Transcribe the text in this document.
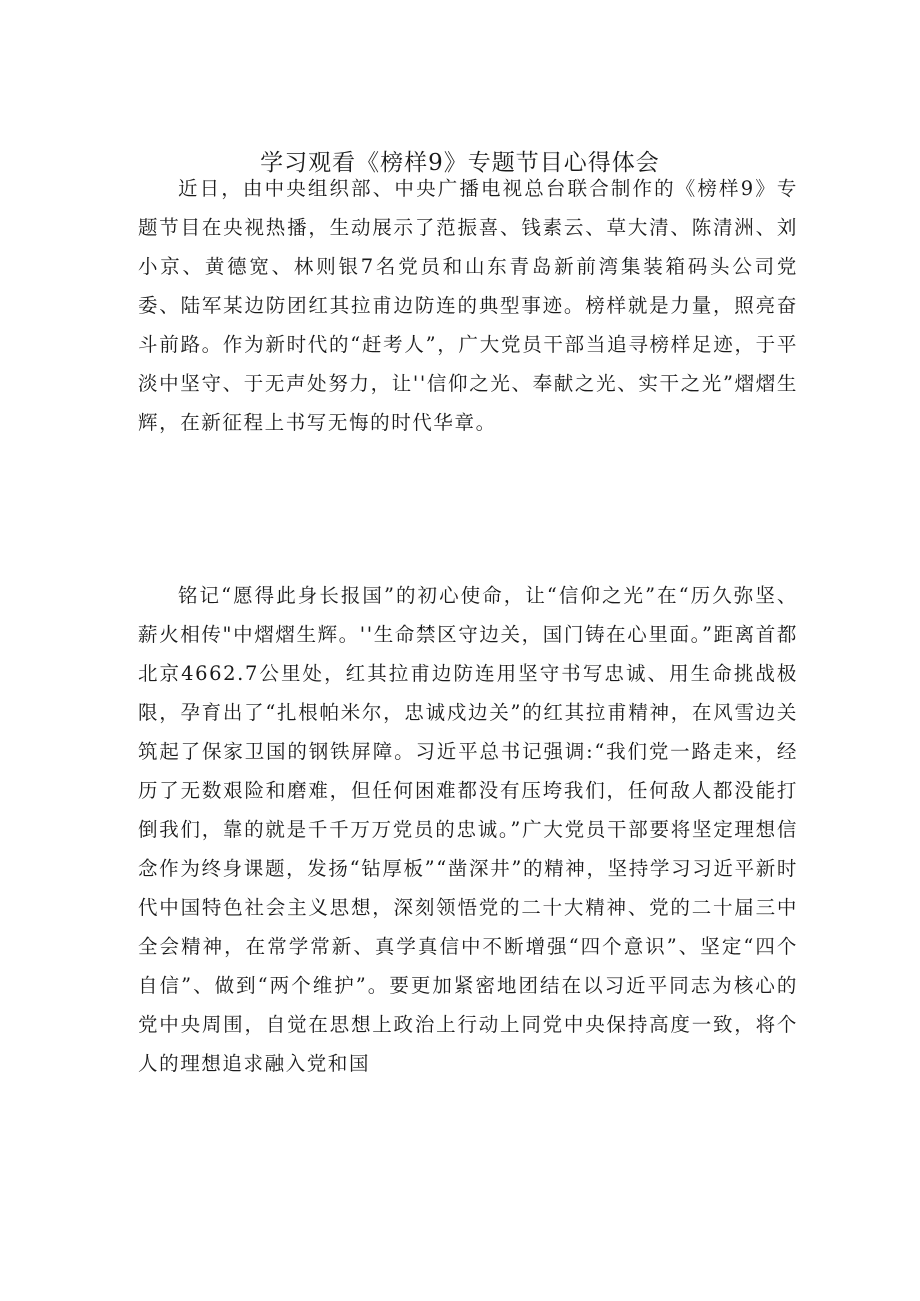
学习观看《榜样9》专题节目心得体会

近日，由中央组织部、中央广播电视总台联合制作的《榜样9》专题节目在央视热播，生动展示了范振喜、钱素云、草大清、陈清洲、刘小京、黄德宽、林则银7名党员和山东青岛新前湾集装箱码头公司党委、陆军某边防团红其拉甫边防连的典型事迹。榜样就是力量，照亮奋斗前路。作为新时代的“赶考人”，广大党员干部当追寻榜样足迹，于平淡中坚守、于无声处努力，让''信仰之光、奉献之光、实干之光”熠熠生辉，在新征程上书写无悔的时代华章。

铭记“愿得此身长报国”的初心使命，让“信仰之光”在“历久弥坚、薪火相传"中熠熠生辉。''生命禁区守边关，国门铸在心里面。”距离首都北京4662.7公里处，红其拉甫边防连用坚守书写忠诚、用生命挑战极限，孕育出了“扎根帕米尔，忠诚戍边关”的红其拉甫精神，在风雪边关筑起了保家卫国的钢铁屏障。习近平总书记强调:“我们党一路走来，经历了无数艰险和磨难，但任何困难都没有压垮我们，任何敌人都没能打倒我们，靠的就是千千万万党员的忠诚。”广大党员干部要将坚定理想信念作为终身课题，发扬“钻厚板”“凿深井”的精神，坚持学习习近平新时代中国特色社会主义思想，深刻领悟党的二十大精神、党的二十届三中全会精神，在常学常新、真学真信中不断增强“四个意识”、坚定“四个自信”、做到“两个维护”。要更加紧密地团结在以习近平同志为核心的党中央周围，自觉在思想上政治上行动上同党中央保持高度一致，将个人的理想追求融入党和国
